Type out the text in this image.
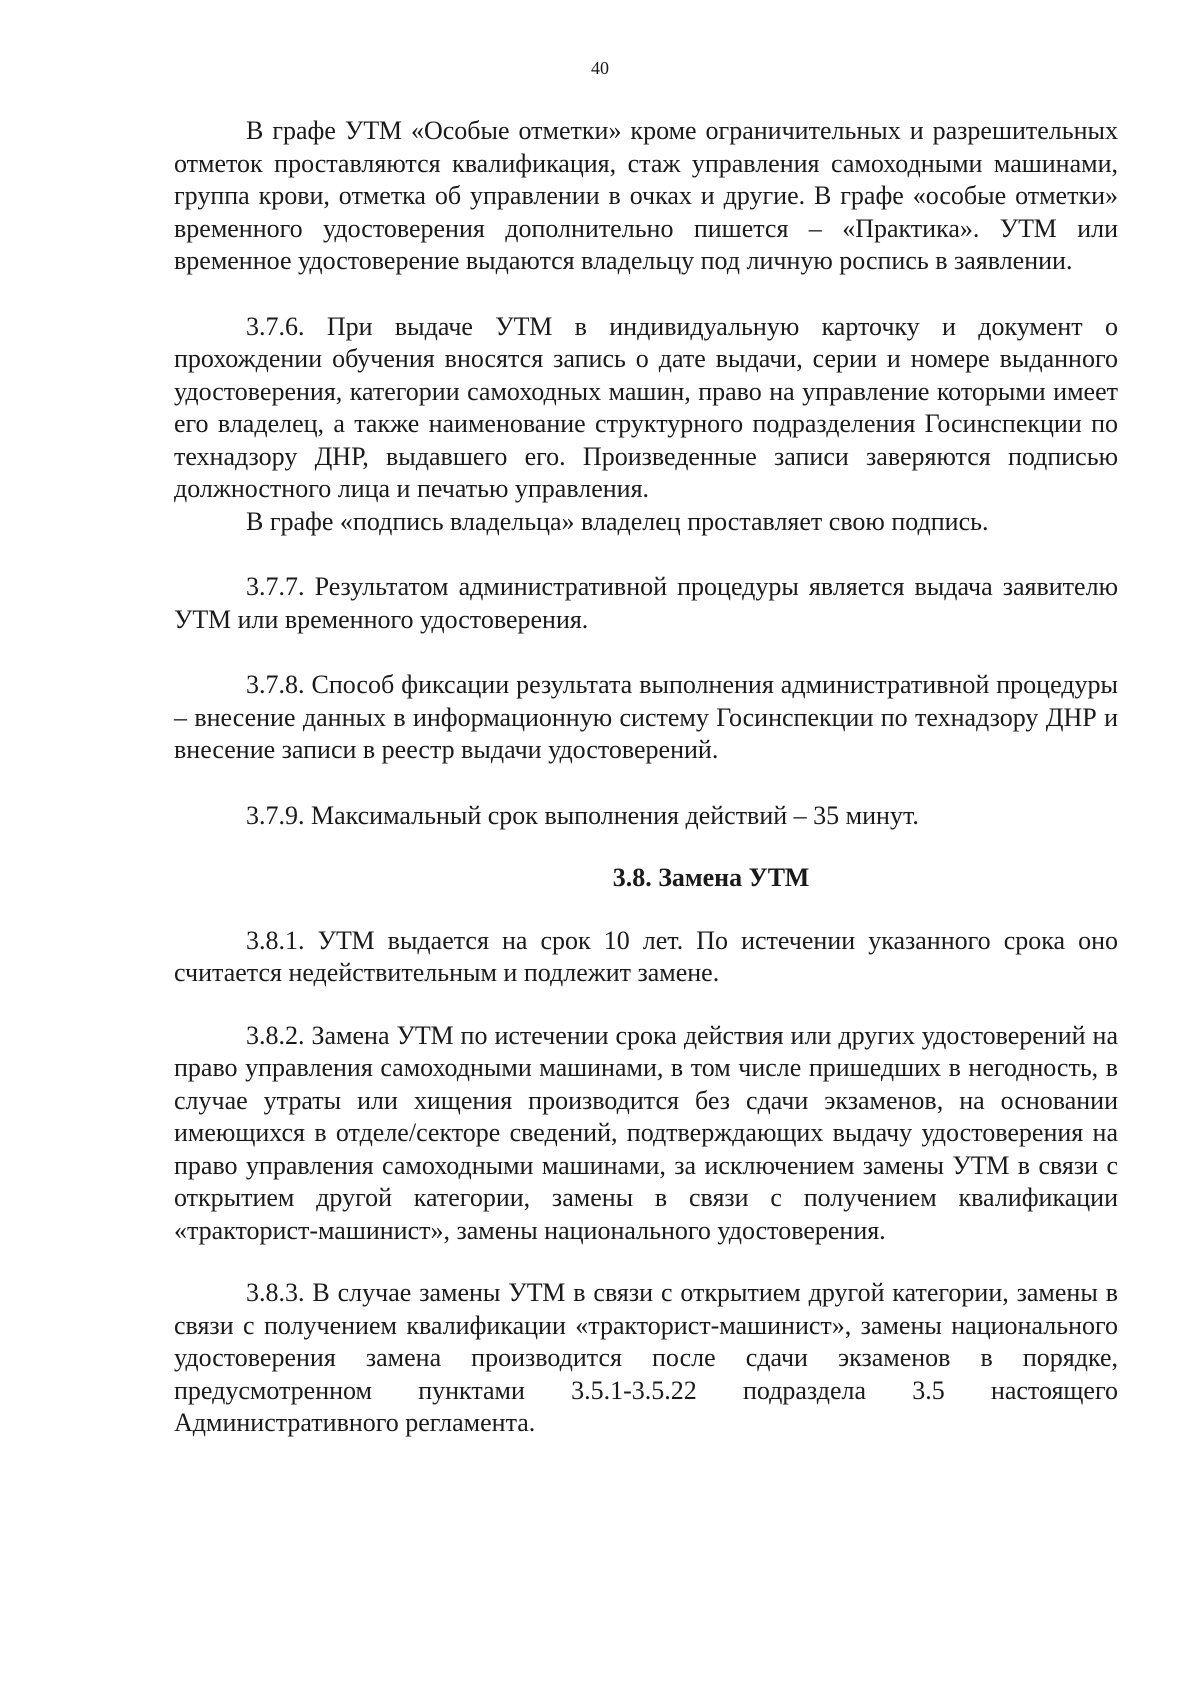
40

В графе УТМ «Особые отметки» кроме ограничительных и разрешительных отметок проставляются квалификация, стаж управления самоходными машинами, группа крови, отметка об управлении в очках и другие. В графе «особые отметки» временного удостоверения дополнительно пишется – «Практика». УТМ или временное удостоверение выдаются владельцу под личную роспись в заявлении.

3.7.6. При выдаче УТМ в индивидуальную карточку и документ о прохождении обучения вносятся запись о дате выдачи, серии и номере выданного удостоверения, категории самоходных машин, право на управление которыми имеет его владелец, а также наименование структурного подразделения Госинспекции по технадзору ДНР, выдавшего его. Произведенные записи заверяются подписью должностного лица и печатью управления.

В графе «подпись владельца» владелец проставляет свою подпись.

3.7.7. Результатом административной процедуры является выдача заявителю УТМ или временного удостоверения.

3.7.8. Способ фиксации результата выполнения административной процедуры – внесение данных в информационную систему Госинспекции по технадзору ДНР и внесение записи в реестр выдачи удостоверений.

3.7.9. Максимальный срок выполнения действий – 35 минут.

3.8. Замена УТМ

3.8.1. УТМ выдается на срок 10 лет. По истечении указанного срока оно считается недействительным и подлежит замене.

3.8.2. Замена УТМ по истечении срока действия или других удостоверений на право управления самоходными машинами, в том числе пришедших в негодность, в случае утраты или хищения производится без сдачи экзаменов, на основании имеющихся в отделе/секторе сведений, подтверждающих выдачу удостоверения на право управления самоходными машинами, за исключением замены УТМ в связи с открытием другой категории, замены в связи с получением квалификации «тракторист-машинист», замены национального удостоверения.

3.8.3. В случае замены УТМ в связи с открытием другой категории, замены в связи с получением квалификации «тракторист-машинист», замены национального удостоверения замена производится после сдачи экзаменов в порядке, предусмотренном пунктами 3.5.1-3.5.22 подраздела 3.5 настоящего Административного регламента.
